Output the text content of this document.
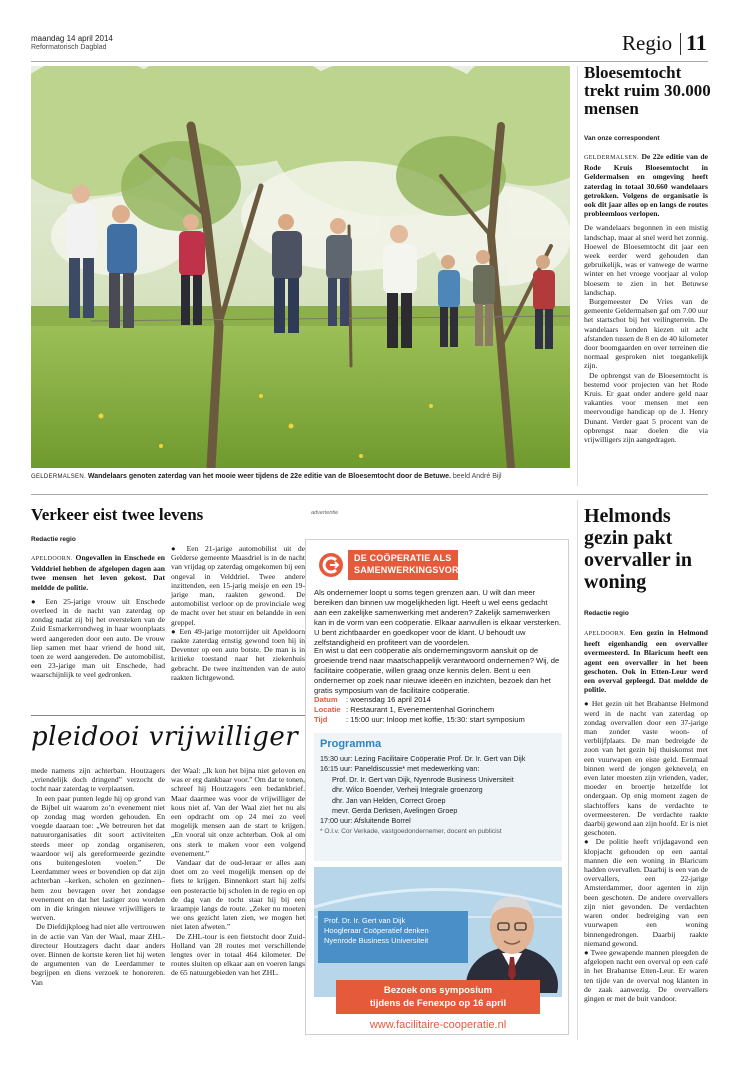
maandag 14 april 2014
Reformatorisch Dagblad	Regio 11
GELDERMALSEN. Wandelaars genoten zaterdag van het mooie weer tijdens de 22e editie van de Bloesemtocht door de Betuwe. beeld André Bijl
Bloesemtocht trekt ruim 30.000 mensen
Van onze correspondent

GELDERMALSEN. De 22e editie van de Rode Kruis Bloesemtocht in Geldermalsen en omgeving heeft zaterdag in totaal 30.660 wandelaars getrokken. Volgens de organisatie is ook dit jaar alles op en langs de routes probleemloos verlopen.

De wandelaars begonnen in een mistig landschap, maar al snel werd het zonnig. Hoewel de Bloesemtocht dit jaar een week eerder werd gehouden dan gebruikelijk, was er vanwege de warme winter en het vroege voorjaar al volop bloesem te zien in het Betuwse landschap.

Burgemeester De Vries van de gemeente Geldermalsen gaf om 7.00 uur het startschot bij het veilingterrein. De wandelaars konden kiezen uit acht afstanden tussen de 8 en de 40 kilometer door boomgaarden en over terreinen die normaal gesproken niet toegankelijk zijn.

De opbrengst van de Bloesemtocht is bestemd voor projecten van het Rode Kruis. Er gaat onder andere geld naar vakanties voor mensen met een meervoudige handicap op de J. Henry Dunant. Verder gaat 5 procent van de opbrengst naar doelen die via vrijwilligers zijn aangedragen.

Verkeer eist twee levens
Redactie regio

APELDOORN. Ongevallen in Enschede en Velddriel hebben de afgelopen dagen aan twee mensen het leven gekost. Dat meldde de politie.

● Een 25-jarige vrouw uit Enschede overleed in de nacht van zaterdag op zondag nadat zij bij het oversteken van de Zuid Esmarkerrondweg in haar woonplaats werd aangereden door een auto. De vrouw liep samen met haar vriend de hond uit, toen ze werd aangereden. De automobilist, een 23-jarige man uit Enschede, had waarschijnlijk te veel gedronken.

● Een 21-jarige automobilist uit de Gelderse gemeente Maasdriel is in de nacht van vrijdag op zaterdag omgekomen bij een ongeval in Velddriel. Twee andere inzittenden, een 15-jarig meisje en een 19-jarige man, raakten gewond. De automobilist verloor op de provinciale weg de macht over het stuur en belandde in een greppel.

● Een 49-jarige motorrijder uit Apeldoorn raakte zaterdag ernstig gewond toen hij in Deventer op een auto botste. De man is in kritieke toestand naar het ziekenhuis gebracht. De twee inzittenden van de auto raakten lichtgewond.

pleidooi vrijwilliger

mede namens zijn achterban. Houtzagers „vriendelijk doch dringend” verzocht de tocht naar zaterdag te verplaatsen.

In een paar punten legde hij op grond van de Bijbel uit waarom zo’n evenement niet op zondag mag worden gehouden. En voegde daaraan toe: „We betreuren het dat natuurorganisaties dit soort activiteiten steeds meer op zondag organiseren, waardoor wij als gereformeerde gezindte ons buitengesloten voelen.” De Leerdammer wees er bovendien op dat zijn achterban –kerken, scholen en gezinnen– hem zou bevragen over het zondagse evenement en dat het lastiger zou worden om in die kringen nieuwe vrijwilligers te werven.

De Diefdijkploeg had niet alle vertrouwen in de actie van Van der Waal, maar ZHL-directeur Houtzagers dacht daar anders over. Binnen de kortste keren liet hij weten de argumenten van de Leerdammer te begrijpen en diens verzoek te honoreren. Van

der Waal: „Ik kon het bijna niet geloven en was er erg dankbaar voor.” Om dat te tonen, schreef hij Houtzagers een bedankbrief. Maar daarmee was voor de vrijwilliger de kous niet af. Van der Waal ziet het nu als een opdracht om op 24 mei zo veel mogelijk mensen aan de start te krijgen. „En vooral uit onze achterban. Ook al om ons sterk te maken voor een volgend evenement.”

Vandaar dat de oud-leraar er alles aan doet om zo veel mogelijk mensen op de fiets te krijgen. Binnenkort start hij zelfs een posteractie bij scholen in de regio en op de dag van de tocht staat hij bij een kraampje langs de route. „Zeker nu moeten we ons gezicht laten zien, we mogen het niet laten afweten.”

De ZHL-tour is een fietstocht door Zuid-Holland van 28 routes met verschillende lengtes over in totaal 464 kilometer. De routes sluiten op elkaar aan en voeren langs de 65 natuurgebieden van het ZHL.

advertentie
DE COÖPERATIE ALS
SAMENWERKINGSVORM
Als ondernemer loopt u soms tegen grenzen aan. U wilt dan meer bereiken dan binnen uw mogelijkheden ligt. Heeft u wel eens gedacht aan een zakelijke samenwerking met anderen? Zakelijk samenwerken kan in de vorm van een coöperatie. Elkaar aanvullen is elkaar versterken. U bent zichtbaarder en goedkoper voor de klant. U behoudt uw zelfstandigheid en profiteert van de voordelen.
En wist u dat een coöperatie als ondernemingsvorm aansluit op de groeiende trend naar maatschappelijk verantwoord ondernemen? Wij, de facilitaire coöperatie, willen graag onze kennis delen. Bent u een ondernemer op zoek naar nieuwe ideeën en inzichten, bezoek dan het gratis symposium van de facilitaire coöperatie.
Datum : woensdag 16 april 2014
Locatie : Restaurant 1, Evenementenhal Gorinchem
Tijd : 15:00 uur: Inloop met koffie, 15:30: start symposium
Programma
15:30 uur: Lezing Facilitaire Coöperatie Prof. Dr. Ir. Gert van Dijk
16:15 uur: Paneldiscussie* met medewerking van:
Prof. Dr. Ir. Gert van Dijk, Nyenrode Business Universiteit
dhr. Wilco Boender, Verheij Integrale groenzorg
dhr. Jan van Helden, Correct Groep
mevr. Gerda Derksen, Avelingen Groep
17:00 uur: Afsluitende Borrel
* O.l.v. Cor Verkade, vastgoedondernemer, docent en publicist
Prof. Dr. Ir. Gert van Dijk
Hoogleraar Coöperatief denken
Nyenrode Business Universiteit
Bezoek ons symposium
tijdens de Fenexpo op 16 april
www.facilitaire-cooperatie.nl
Helmonds gezin pakt overvaller in woning
Redactie regio

APELDOORN. Een gezin in Helmond heeft eigenhandig een overvaller overmeesterd. In Blaricum heeft een agent een overvaller in het been geschoten. Ook in Etten-Leur werd een overval gepleegd. Dat meldde de politie.

● Het gezin uit het Brabantse Helmond werd in de nacht van zaterdag op zondag overvallen door een 37-jarige man zonder vaste woon- of verblijfplaats. De man bedreigde de zoon van het gezin bij thuiskomst met een vuurwapen en eiste geld. Eenmaal binnen werd de jongen geknevelд en even later moesten zijn vrienden, vader, moeder en broertje hetzelfde lot ondergaan. Op enig moment zagen de slachtoffers kans de verdachte te overmeesteren. De verdachte raakte daarbij gewond aan zijn hoofd. Er is niet geschoten.

● De politie heeft vrijdagavond een klopjacht gehouden op een aantal mannen die een woning in Blaricum hadden overvallen. Daarbij is een van de overvallers, een 22-jarige Amsterdammer, door agenten in zijn been geschoten. De andere overvallers zijn niet gevonden. De verdachten waren onder bedreiging van een vuurwapen een woning binnengedrongen. Daarbij raakte niemand gewond.

● Twee gewapende mannen pleegden de afgelopen nacht een overval op een café in het Brabantse Etten-Leur. Er waren ten tijde van de overval nog klanten in de zaak aanwezig. De overvallers gingen er met de buit vandoor.
